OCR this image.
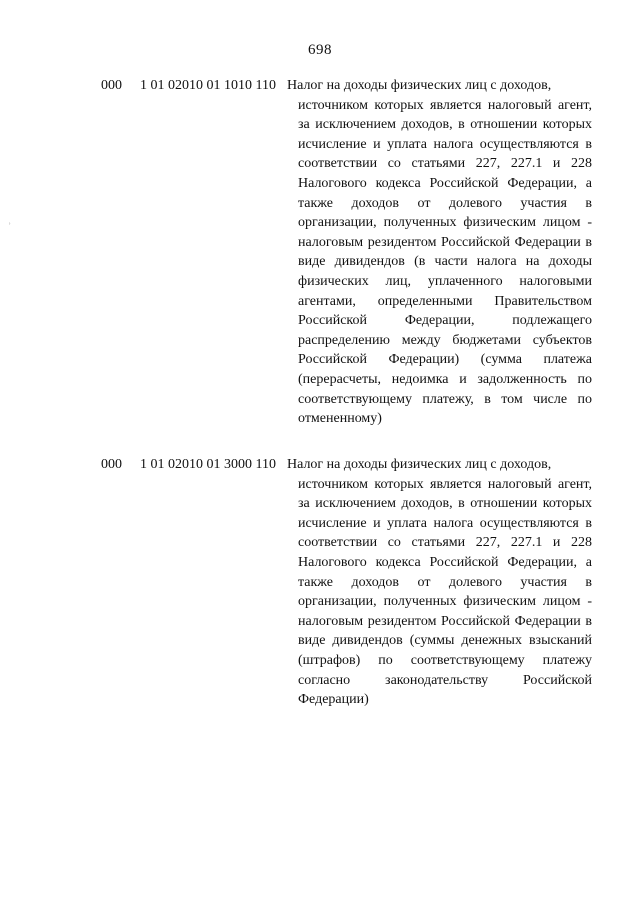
698
ʾ
000 1 01 02010 01 1010 110 Налог на доходы физических лиц с доходов,
источником которых является налоговый агент, за исключением доходов, в отношении которых исчисление и уплата налога осуществляются в соответствии со статьями 227, 227.1 и 228 Налогового кодекса Российской Федерации, а также доходов от долевого участия в организации, полученных физическим лицом - налоговым резидентом Российской Федерации в виде дивидендов (в части налога на доходы физических лиц, уплаченного налоговыми агентами, определенными Правительством Российской Федерации, подлежащего распределению между бюджетами субъектов Российской Федерации) (сумма платежа (перерасчеты, недоимка и задолженность по соответствующему платежу, в том числе по отмененному)
000 1 01 02010 01 3000 110 Налог на доходы физических лиц с доходов,
источником которых является налоговый агент, за исключением доходов, в отношении которых исчисление и уплата налога осуществляются в соответствии со статьями 227, 227.1 и 228 Налогового кодекса Российской Федерации, а также доходов от долевого участия в организации, полученных физическим лицом - налоговым резидентом Российской Федерации в виде дивидендов (суммы денежных взысканий (штрафов) по соответствующему платежу согласно законодательству Российской Федерации)
